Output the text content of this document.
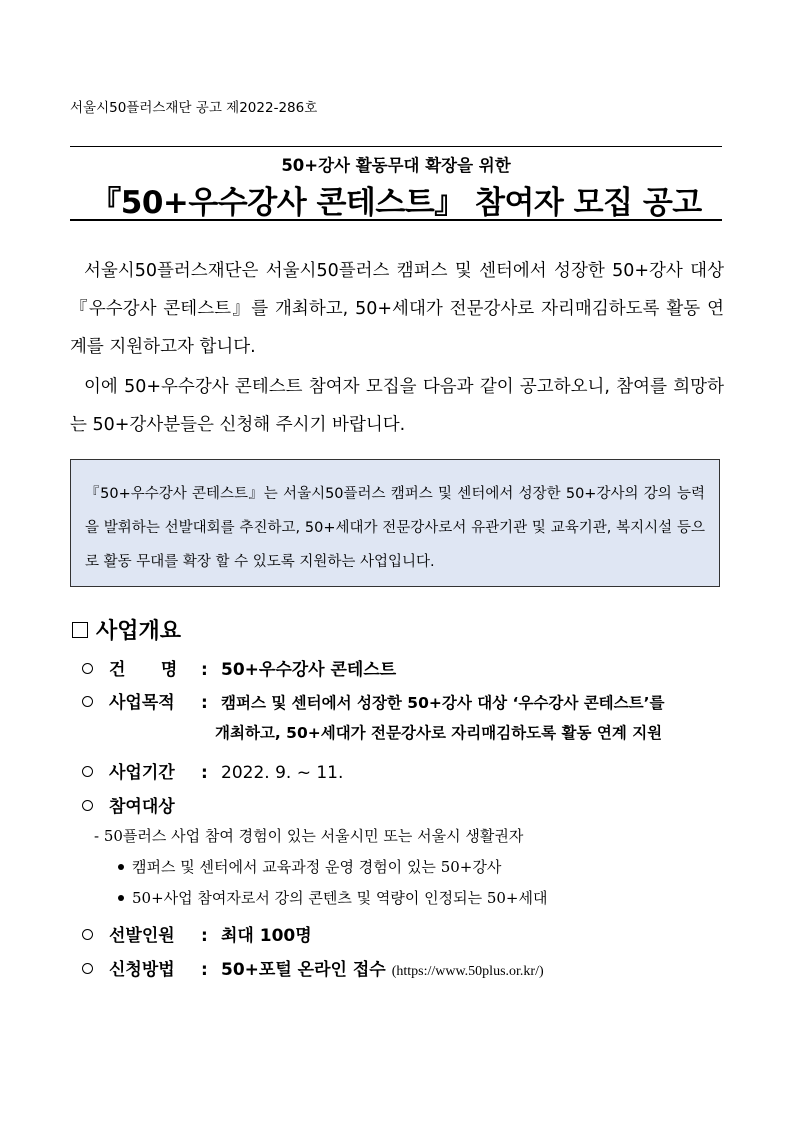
서울시50플러스재단 공고 제2022-286호
50+강사 활동무대 확장을 위한
『50+우수강사 콘테스트』 참여자 모집 공고

서울시50플러스재단은 서울시50플러스 캠퍼스 및 센터에서 성장한 50+강사 대상 『우수강사 콘테스트』를 개최하고, 50+세대가 전문강사로 자리매김하도록 활동 연계를 지원하고자 합니다.

이에 50+우수강사 콘테스트 참여자 모집을 다음과 같이 공고하오니, 참여를 희망하는 50+강사분들은 신청해 주시기 바랍니다.

『50+우수강사 콘테스트』는 서울시50플러스 캠퍼스 및 센터에서 성장한 50+강사의 강의 능력을 발휘하는 선발대회를 추진하고, 50+세대가 전문강사로서 유관기관 및 교육기관, 복지시설 등으로 활동 무대를 확장 할 수 있도록 지원하는 사업입니다.
사업개요
건      명	: 50+우수강사 콘테스트
사업목적	: 캠퍼스 및 센터에서 성장한 50+강사 대상 ‘우수강사 콘테스트’를
개최하고, 50+세대가 전문강사로 자리매김하도록 활동 연계 지원
사업기간	: 2022. 9. ~ 11.
참여대상
- 50플러스 사업 참여 경험이 있는 서울시민 또는 서울시 생활권자
캠퍼스 및 센터에서 교육과정 운영 경험이 있는 50+강사
50+사업 참여자로서 강의 콘텐츠 및 역량이 인정되는 50+세대
선발인원	: 최대 100명
신청방법	: 50+포털 온라인 접수 (https://www.50plus.or.kr/)
